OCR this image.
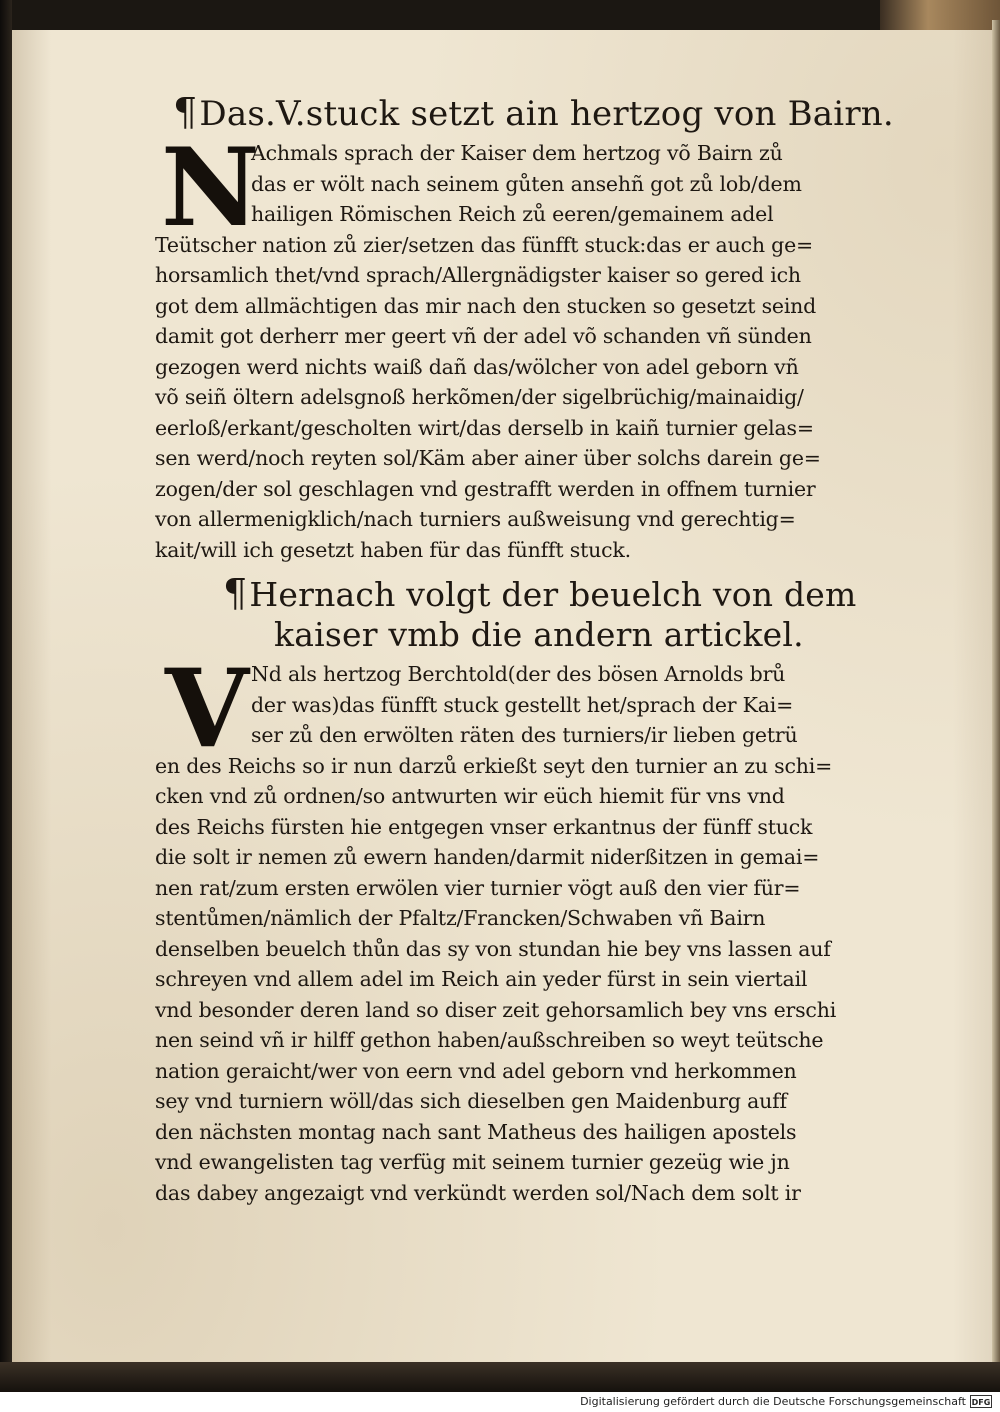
¶Das.V.stuck setzt ain hertzog von Bairn.
N
Achmals sprach der Kaiser dem hertzog võ Bairn zů
das er wölt nach seinem gůten ansehñ got zů lob/dem
hailigen Römischen Reich zů eeren/gemainem adel
Teütscher nation zů zier/setzen das fünfft stuck:das er auch ge=
horsamlich thet/vnd sprach/Allergnädigster kaiser so gered ich
got dem allmächtigen das mir nach den stucken so gesetzt seind
damit got derherr mer geert vñ der adel võ schanden vñ sünden
gezogen werd nichts waiß dañ das/wölcher von adel geborn vñ
võ seiñ öltern adelsgnoß herkõmen/der sigelbrüchig/mainaidig/
eerloß/erkant/gescholten wirt/das derselb in kaiñ turnier gelas=
sen werd/noch reyten sol/Käm aber ainer über solchs darein ge=
zogen/der sol geschlagen vnd gestrafft werden in offnem turnier
von allermenigklich/nach turniers außweisung vnd gerechtig=
kait/will ich gesetzt haben für das fünfft stuck.
¶Hernach volgt der beuelch von dem
kaiser vmb die andern artickel.
V Nd als hertzog Berchtold(der des bösen Arnolds brů
der was)das fünfft stuck gestellt het/sprach der Kai=
ser zů den erwölten räten des turniers/ir lieben getrü
en des Reichs so ir nun darzů erkießt seyt den turnier an zu schi=
cken vnd zů ordnen/so antwurten wir eüch hiemit für vns vnd
des Reichs fürsten hie entgegen vnser erkantnus der fünff stuck
die solt ir nemen zů ewern handen/darmit niderßitzen in gemai=
nen rat/zum ersten erwölen vier turnier vögt auß den vier für=
stentůmen/nämlich der Pfaltz/Francken/Schwaben vñ Bairn
denselben beuelch thůn das sy von stundan hie bey vns lassen auf
schreyen vnd allem adel im Reich ain yeder fürst in sein viertail
vnd besonder deren land so diser zeit gehorsamlich bey vns erschi
nen seind vñ ir hilff gethon haben/außschreiben so weyt teütsche
nation geraicht/wer von eern vnd adel geborn vnd herkommen
sey vnd turniern wöll/das sich dieselben gen Maidenburg auff
den nächsten montag nach sant Matheus des hailigen apostels
vnd ewangelisten tag verfüg mit seinem turnier gezeüg wie jn
das dabey angezaigt vnd verkündt werden sol/Nach dem solt ir
Digitalisierung gefördert durch die Deutsche Forschungsgemeinschaft DFG
